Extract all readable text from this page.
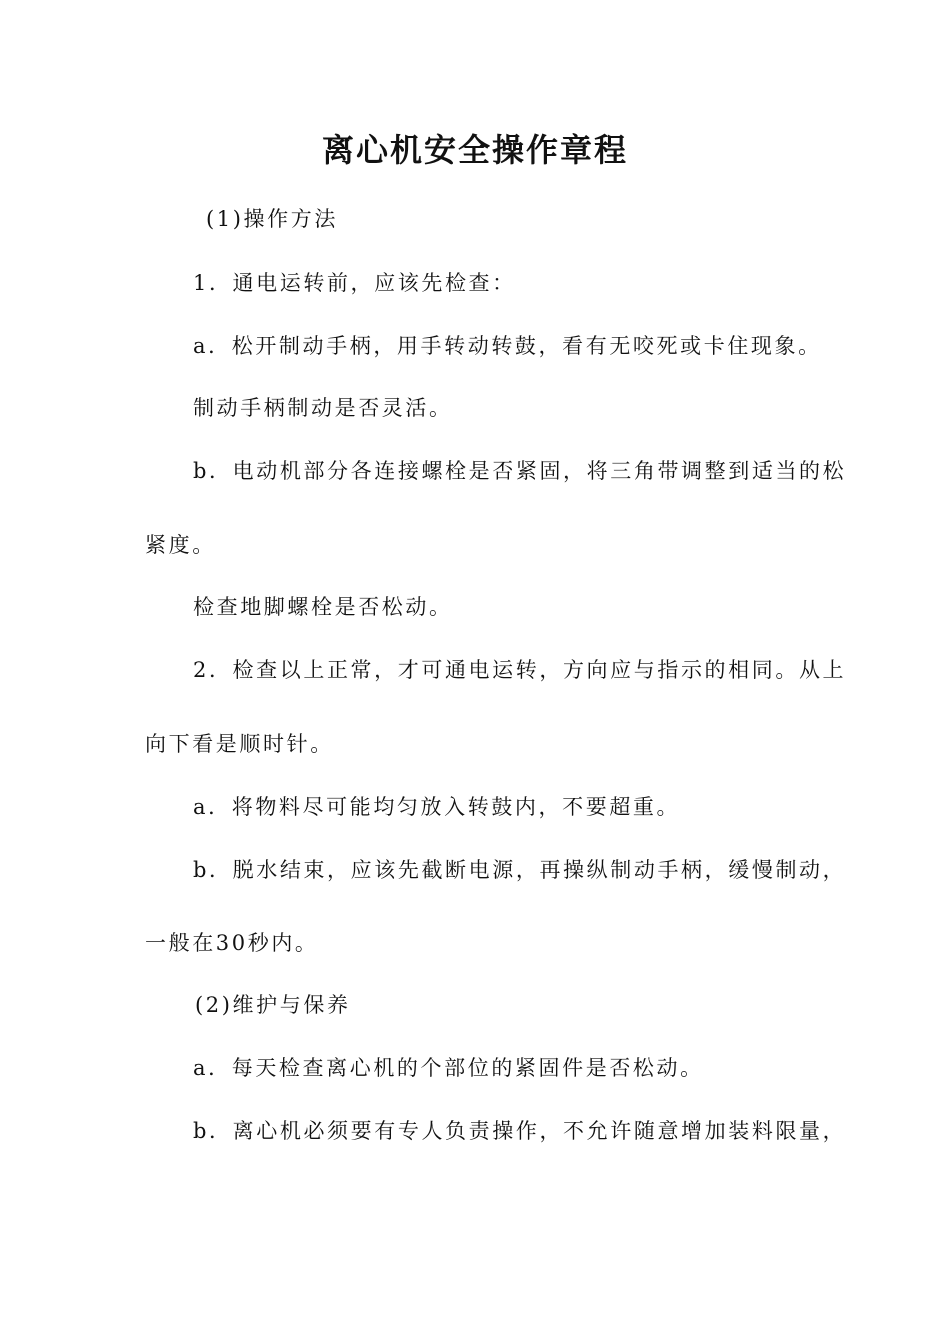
离心机安全操作章程

(1)操作方法

1．通电运转前，应该先检查：

a．松开制动手柄，用手转动转鼓，看有无咬死或卡住现象。

制动手柄制动是否灵活。

b．电动机部分各连接螺栓是否紧固，将三角带调整到适当的松

紧度。

检查地脚螺栓是否松动。

2．检查以上正常，才可通电运转，方向应与指示的相同。从上

向下看是顺时针。

a．将物料尽可能均匀放入转鼓内，不要超重。

b．脱水结束，应该先截断电源，再操纵制动手柄，缓慢制动，

一般在30秒内。

(2)维护与保养

a．每天检查离心机的个部位的紧固件是否松动。

b．离心机必须要有专人负责操作，不允许随意增加装料限量，
